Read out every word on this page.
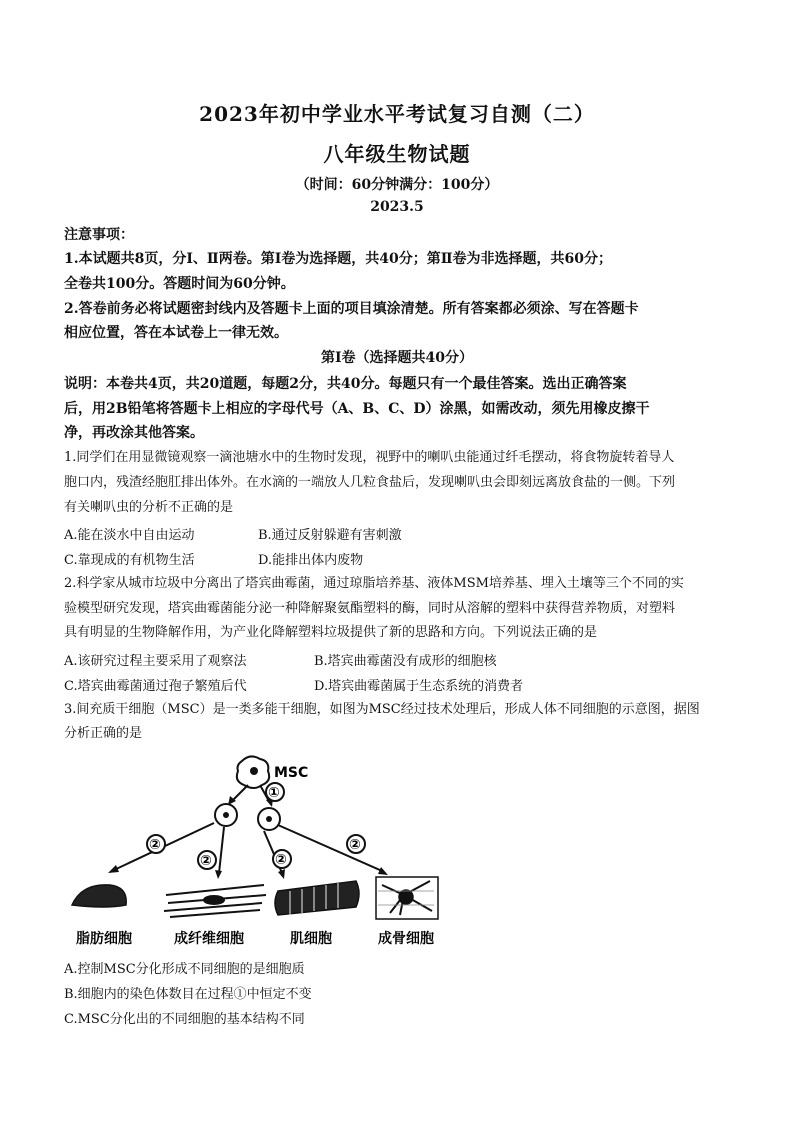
2023年初中学业水平考试复习自测（二）
八年级生物试题
（时间：60分钟满分：100分）
2023.5
注意事项：
1.本试题共8页，分Ⅰ、Ⅱ两卷。第Ⅰ卷为选择题，共40分；第Ⅱ卷为非选择题，共60分；
全卷共100分。答题时间为60分钟。
2.答卷前务必将试题密封线内及答题卡上面的项目填涂清楚。所有答案都必须涂、写在答题卡
相应位置，答在本试卷上一律无效。
第Ⅰ卷（选择题共40分）
说明：本卷共4页，共20道题，每题2分，共40分。每题只有一个最佳答案。选出正确答案
后，用2B铅笔将答题卡上相应的字母代号（A、B、C、D）涂黑，如需改动，须先用橡皮擦干
净，再改涂其他答案。
1.同学们在用显微镜观察一滴池塘水中的生物时发现，视野中的喇叭虫能通过纤毛摆动，将食物旋转着导人
胞口内，残渣经胞肛排出体外。在水滴的一端放人几粒食盐后，发现喇叭虫会即刻远离放食盐的一侧。下列
有关喇叭虫的分析不正确的是
A.能在淡水中自由运动	B.通过反射躲避有害刺激
C.靠现成的有机物生活	D.能排出体内废物
2.科学家从城市垃圾中分离出了塔宾曲霉菌，通过琼脂培养基、液体MSM培养基、埋入土壤等三个不同的实
验模型研究发现，塔宾曲霉菌能分泌一种降解聚氨酯塑料的酶，同时从溶解的塑料中获得营养物质，对塑料
具有明显的生物降解作用，为产业化降解塑料垃圾提供了新的思路和方向。下列说法正确的是
A.该研究过程主要采用了观察法	B.塔宾曲霉菌没有成形的细胞核
C.塔宾曲霉菌通过孢子繁殖后代	D.塔宾曲霉菌属于生态系统的消费者
3.间充质干细胞（MSC）是一类多能干细胞，如图为MSC经过技术处理后，形成人体不同细胞的示意图，据图
分析正确的是
MSC
①
②
②	②
②
脂肪细胞	成纤维细胞	肌细胞	成骨细胞
A.控制MSC分化形成不同细胞的是细胞质
B.细胞内的染色体数目在过程①中恒定不变
C.MSC分化出的不同细胞的基本结构不同
